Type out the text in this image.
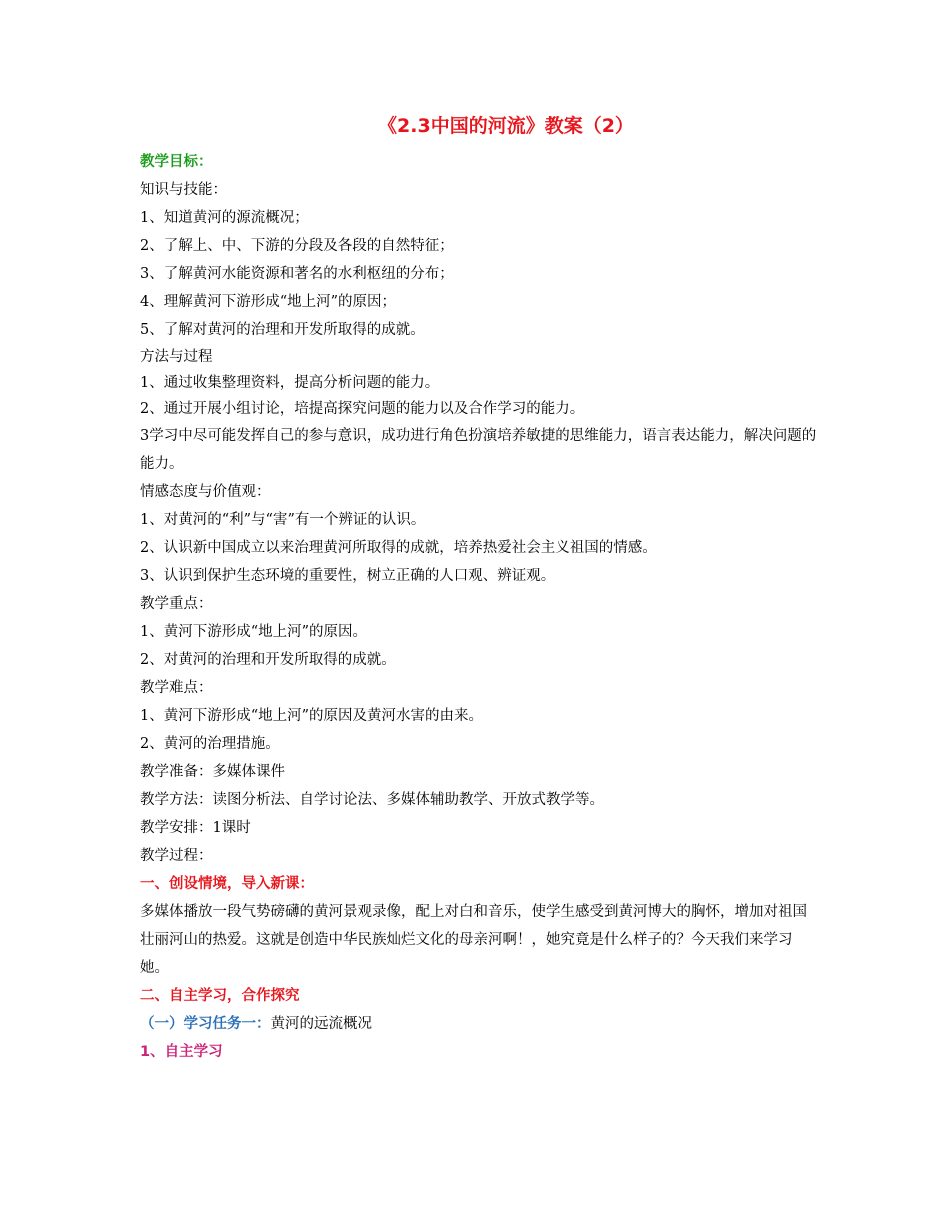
《2.3中国的河流》教案（2）

教学目标：

知识与技能：

1、知道黄河的源流概况；

2、了解上、中、下游的分段及各段的自然特征；

3、了解黄河水能资源和著名的水利枢纽的分布；

4、理解黄河下游形成“地上河”的原因；

5、了解对黄河的治理和开发所取得的成就。

方法与过程

1、通过收集整理资料，提高分析问题的能力。

2、通过开展小组讨论，培提高探究问题的能力以及合作学习的能力。

3学习中尽可能发挥自己的参与意识，成功进行角色扮演培养敏捷的思维能力，语言表达能力，解决问题的能力。

情感态度与价值观：

1、对黄河的“利”与“害”有一个辨证的认识。

2、认识新中国成立以来治理黄河所取得的成就，培养热爱社会主义祖国的情感。

3、认识到保护生态环境的重要性，树立正确的人口观、辨证观。

教学重点：

1、黄河下游形成“地上河”的原因。

2、对黄河的治理和开发所取得的成就。

教学难点：

1、黄河下游形成“地上河”的原因及黄河水害的由来。

2、黄河的治理措施。

教学准备：多媒体课件

教学方法：读图分析法、自学讨论法、多媒体辅助教学、开放式教学等。

教学安排：1课时

教学过程：

一、创设情境，导入新课：

多媒体播放一段气势磅礴的黄河景观录像，配上对白和音乐，使学生感受到黄河博大的胸怀，增加对祖国壮丽河山的热爱。这就是创造中华民族灿烂文化的母亲河啊！，她究竟是什么样子的？今天我们来学习她。

二、自主学习，合作探究

（一）学习任务一：黄河的远流概况

1、自主学习
